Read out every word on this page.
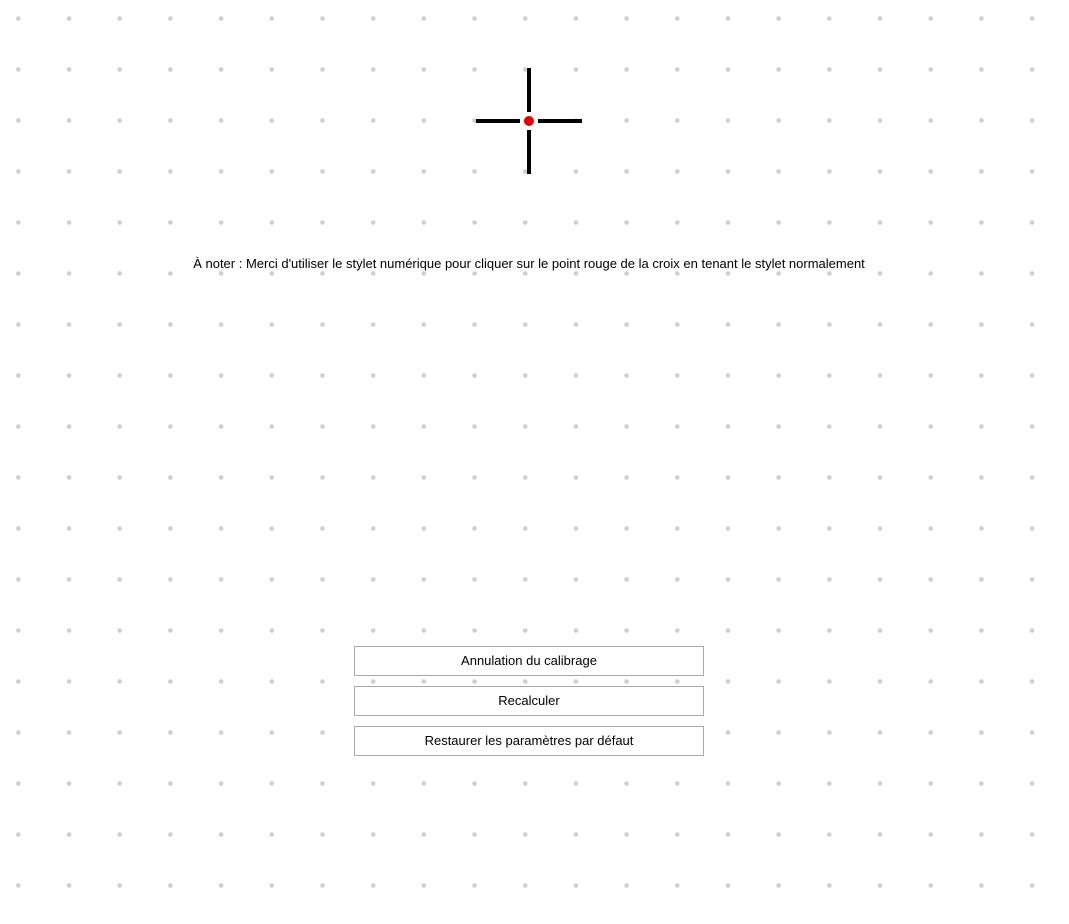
À noter : Merci d'utiliser le stylet numérique pour cliquer sur le point rouge de la croix en tenant le stylet normalement
Annulation du calibrage
Recalculer
Restaurer les paramètres par défaut
